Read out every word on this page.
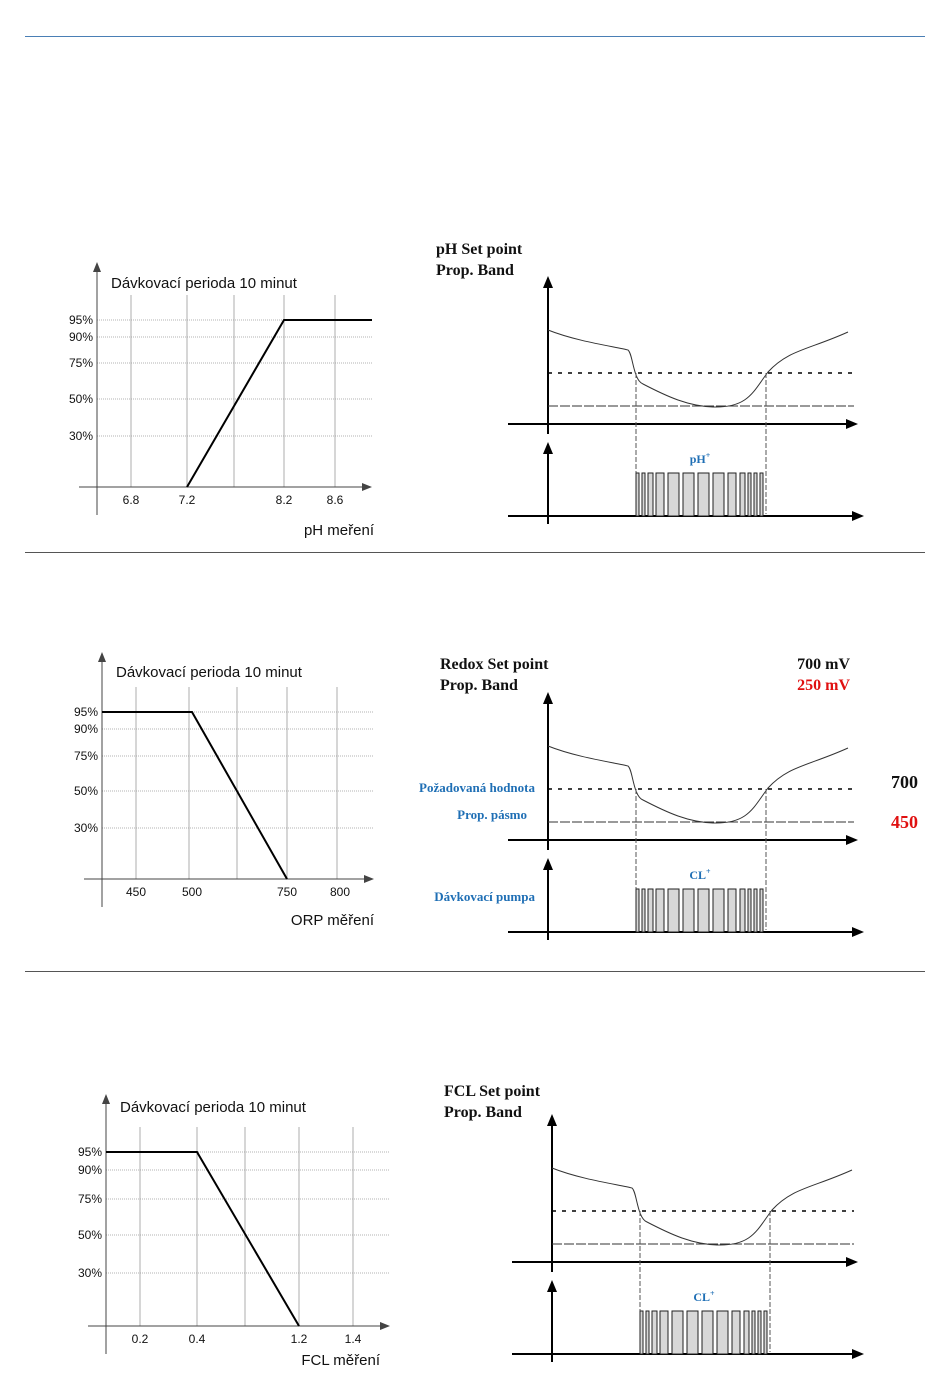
95%
90%
75%
50%
30%
6.8	7.2	8.2	8.6
Dávkovací perioda 10 minut
pH meření
pH Set point
Prop. Band
pH+
95%
90%
75%
50%
30%
450	500	750	800
Dávkovací perioda 10 minut
ORP měření
Redox Set point
Prop. Band
700 mV
250 mV
CL+
Požadovaná hodnota
Prop. pásmo
Dávkovací pumpa
700
450
95%
90%
75%
50%
30%
0.2	0.4	1.2	1.4
Dávkovací perioda 10 minut
FCL měření
FCL Set point
Prop. Band
CL+
